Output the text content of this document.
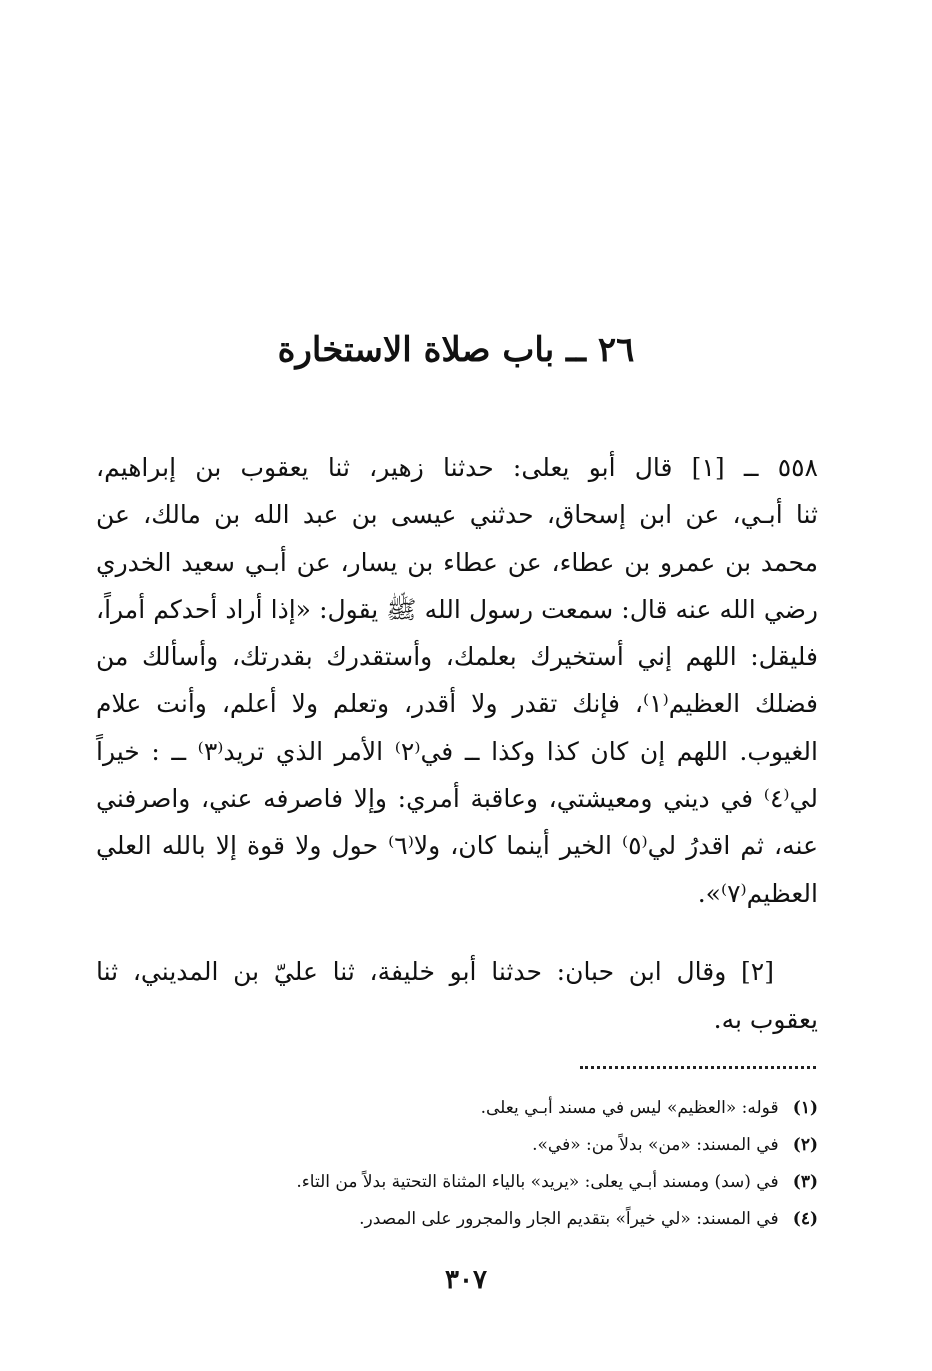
٢٦ ــ باب صلاة الاستخارة

٥٥٨ ــ [١] قال أبو يعلى: حدثنا زهير، ثنا يعقوب بن إبراهيم،
ثنا أبـي، عن ابن إسحاق، حدثني عيسى بن عبد الله بن مالك، عن
محمد بن عمرو بن عطاء، عن عطاء بن يسار، عن أبـي سعيد الخدري
رضي الله عنه قال: سمعت رسول الله ﷺ يقول: «إذا أراد أحدكم أمراً،
فليقل: اللهم إني أستخيرك بعلمك، وأستقدرك بقدرتك، وأسألك من
فضلك العظيم⁽١⁾، فإنك تقدر ولا أقدر، وتعلم ولا أعلم، وأنت علام
الغيوب. اللهم إن كان كذا وكذا ــ في⁽٢⁾ الأمر الذي تريد⁽٣⁾ ــ : خيراً
لي⁽٤⁾ في ديني ومعيشتي، وعاقبة أمري: وإلا فاصرفه عني، واصرفني
عنه، ثم اقدرُ لي⁽٥⁾ الخير أينما كان، ولا⁽٦⁾ حول ولا قوة إلا بالله العلي
العظيم⁽٧⁾».

[٢] وقال ابن حبان: حدثنا أبو خليفة، ثنا عليّ بن المديني، ثنا
يعقوب به.

(١) قوله: «العظيم» ليس في مسند أبـي يعلى.
(٢) في المسند: «من» بدلاً من: «في».
(٣) في (سد) ومسند أبـي يعلى: «يريد» بالياء المثناة التحتية بدلاً من التاء.
(٤) في المسند: «لي خيراً» بتقديم الجار والمجرور على المصدر.
٣٠٧
